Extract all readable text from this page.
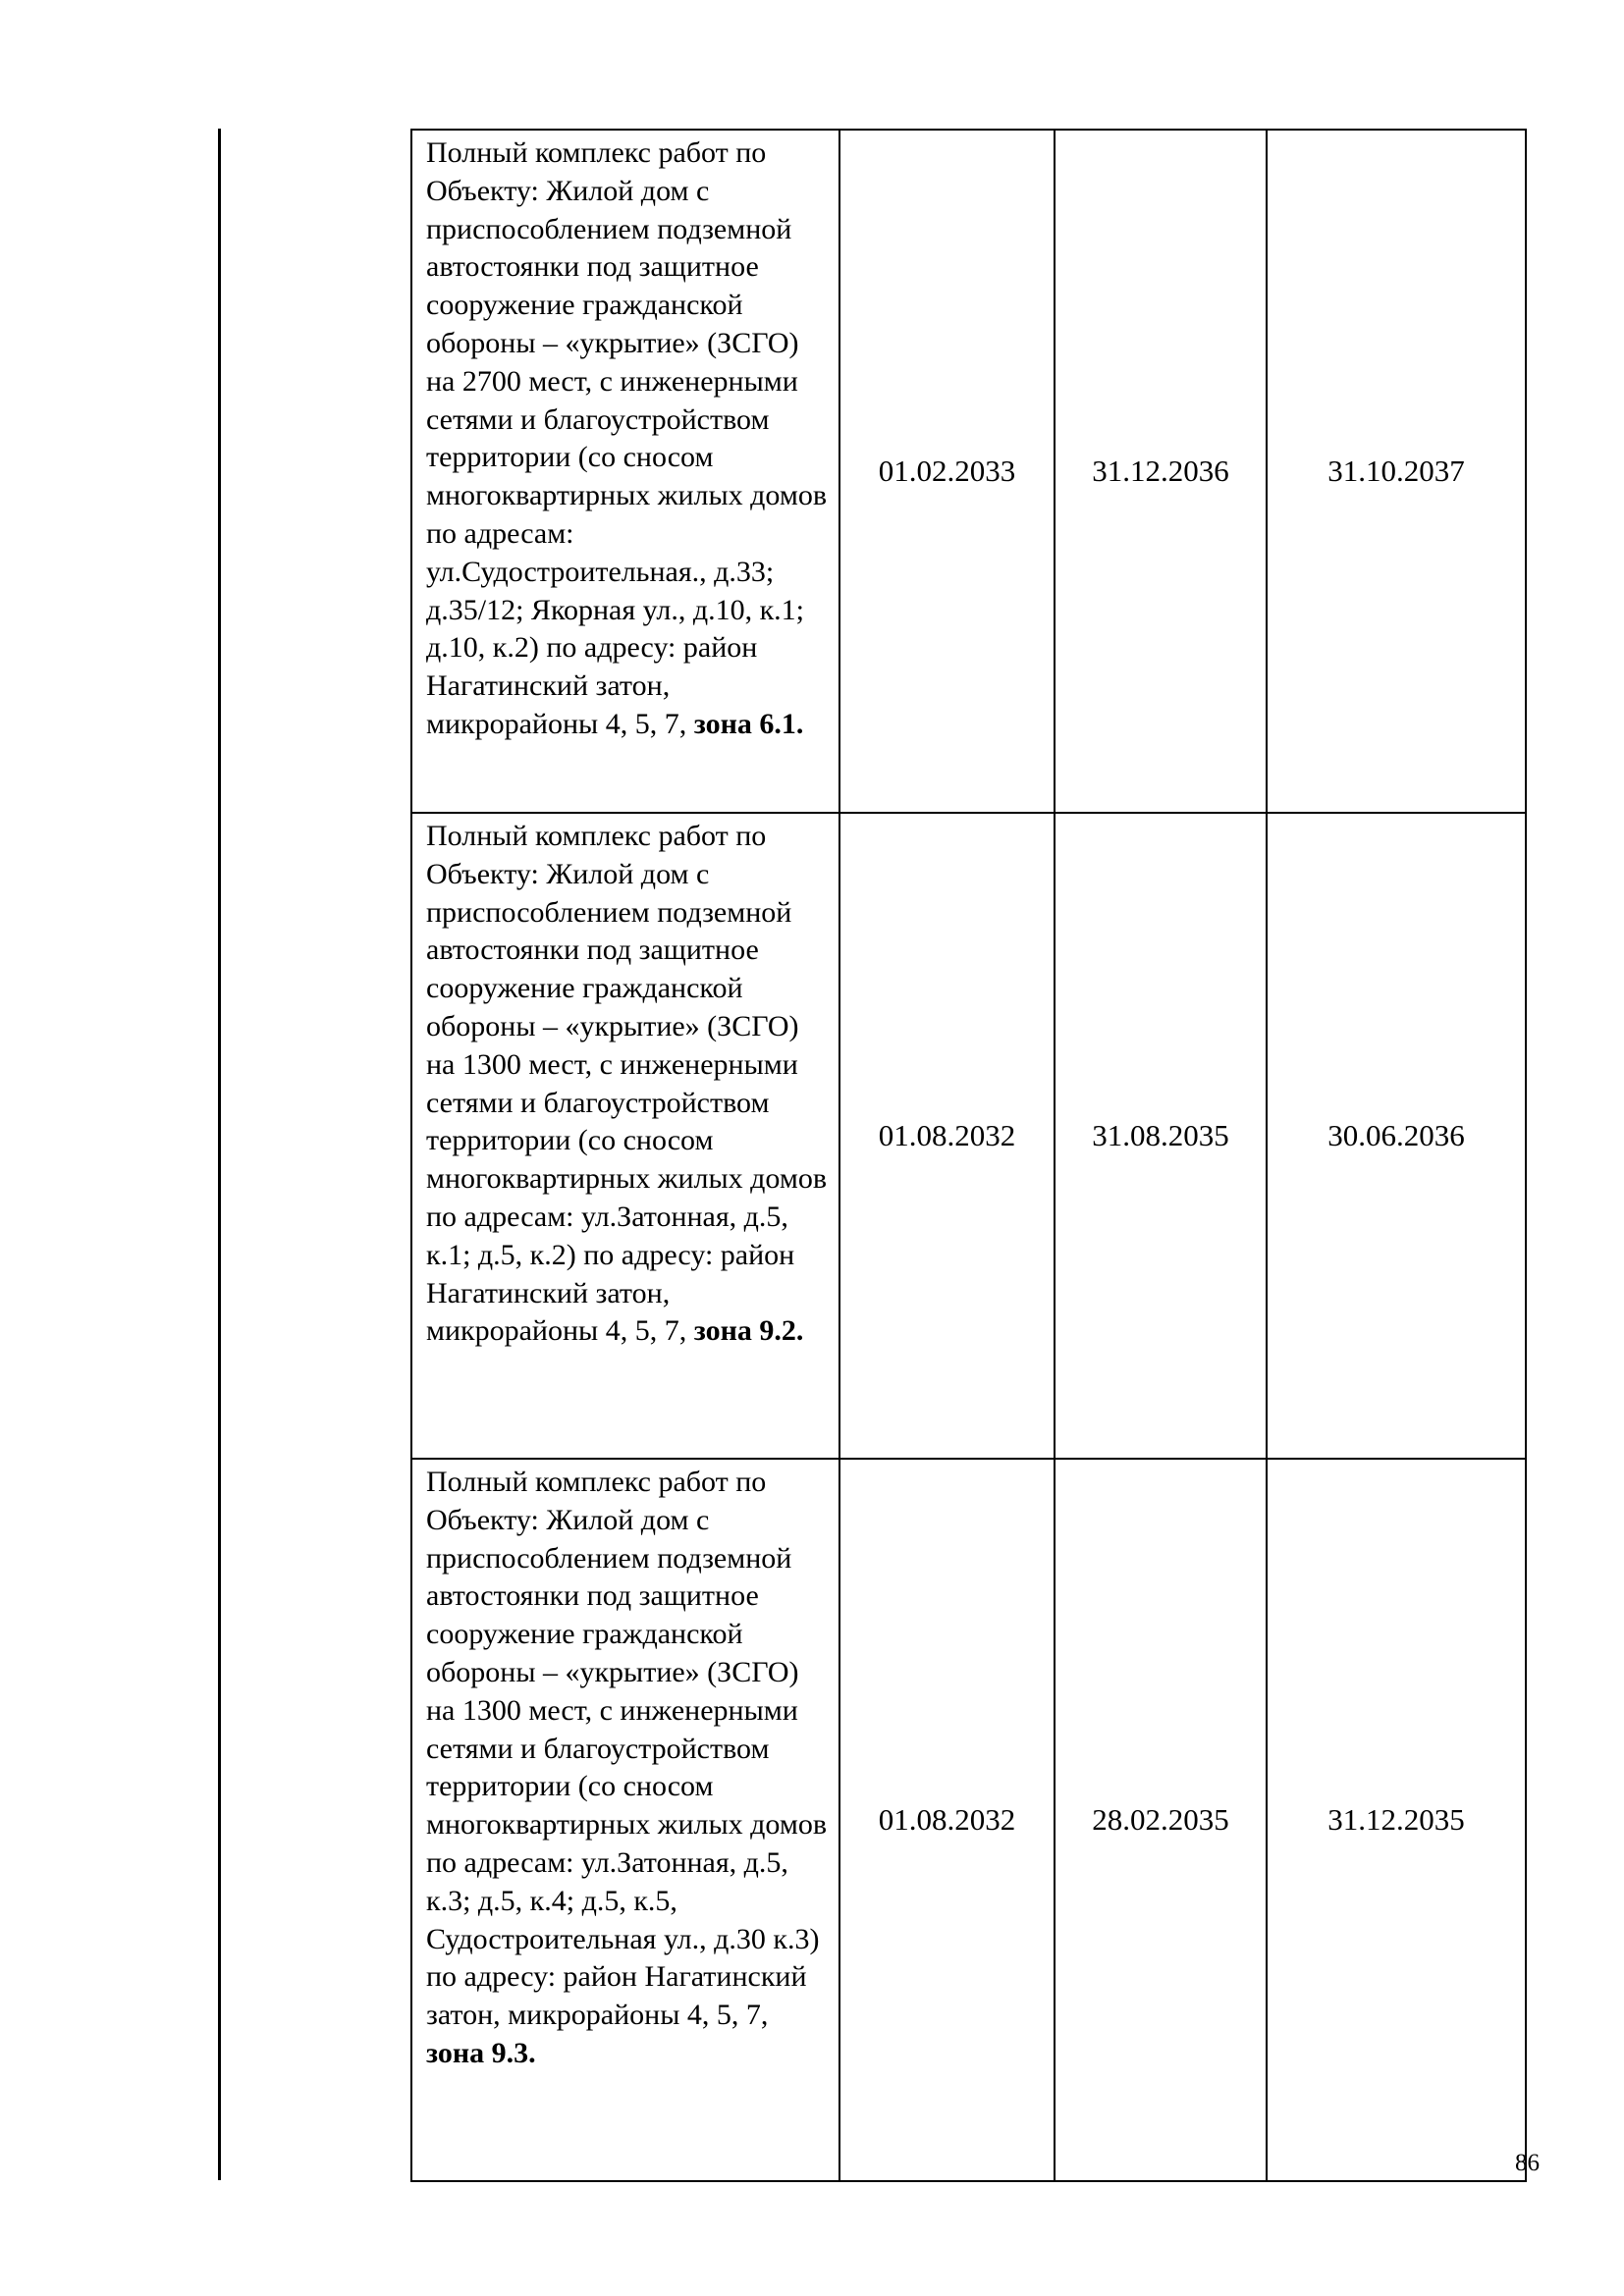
Полный комплекс работ по Объекту: Жилой дом с приспособлением подземной автостоянки под защитное сооружение гражданской обороны – «укрытие» (ЗСГО) на 2700 мест, с инженерными сетями и благоустройством территории (со сносом многоквартирных жилых домов по адресам: ул.Судостроительная., д.33; д.35/12; Якорная ул., д.10, к.1; д.10, к.2) по адресу: район Нагатинский затон, микрорайоны 4, 5, 7, зона 6.1.	01.02.2033	31.12.2036	31.10.2037
Полный комплекс работ по Объекту: Жилой дом с приспособлением подземной автостоянки под защитное сооружение гражданской обороны – «укрытие» (ЗСГО) на 1300 мест, с инженерными сетями и благоустройством территории (со сносом многоквартирных жилых домов по адресам: ул.Затонная, д.5, к.1; д.5, к.2) по адресу: район Нагатинский затон, микрорайоны 4, 5, 7, зона 9.2.	01.08.2032	31.08.2035	30.06.2036
Полный комплекс работ по Объекту: Жилой дом с приспособлением подземной автостоянки под защитное сооружение гражданской обороны – «укрытие» (ЗСГО) на 1300 мест, с инженерными сетями и благоустройством территории (со сносом многоквартирных жилых домов по адресам: ул.Затонная, д.5, к.3; д.5, к.4; д.5, к.5, Судостроительная ул., д.30 к.3) по адресу: район Нагатинский затон, микрорайоны 4, 5, 7, зона 9.3.	01.08.2032	28.02.2035	31.12.2035
86
